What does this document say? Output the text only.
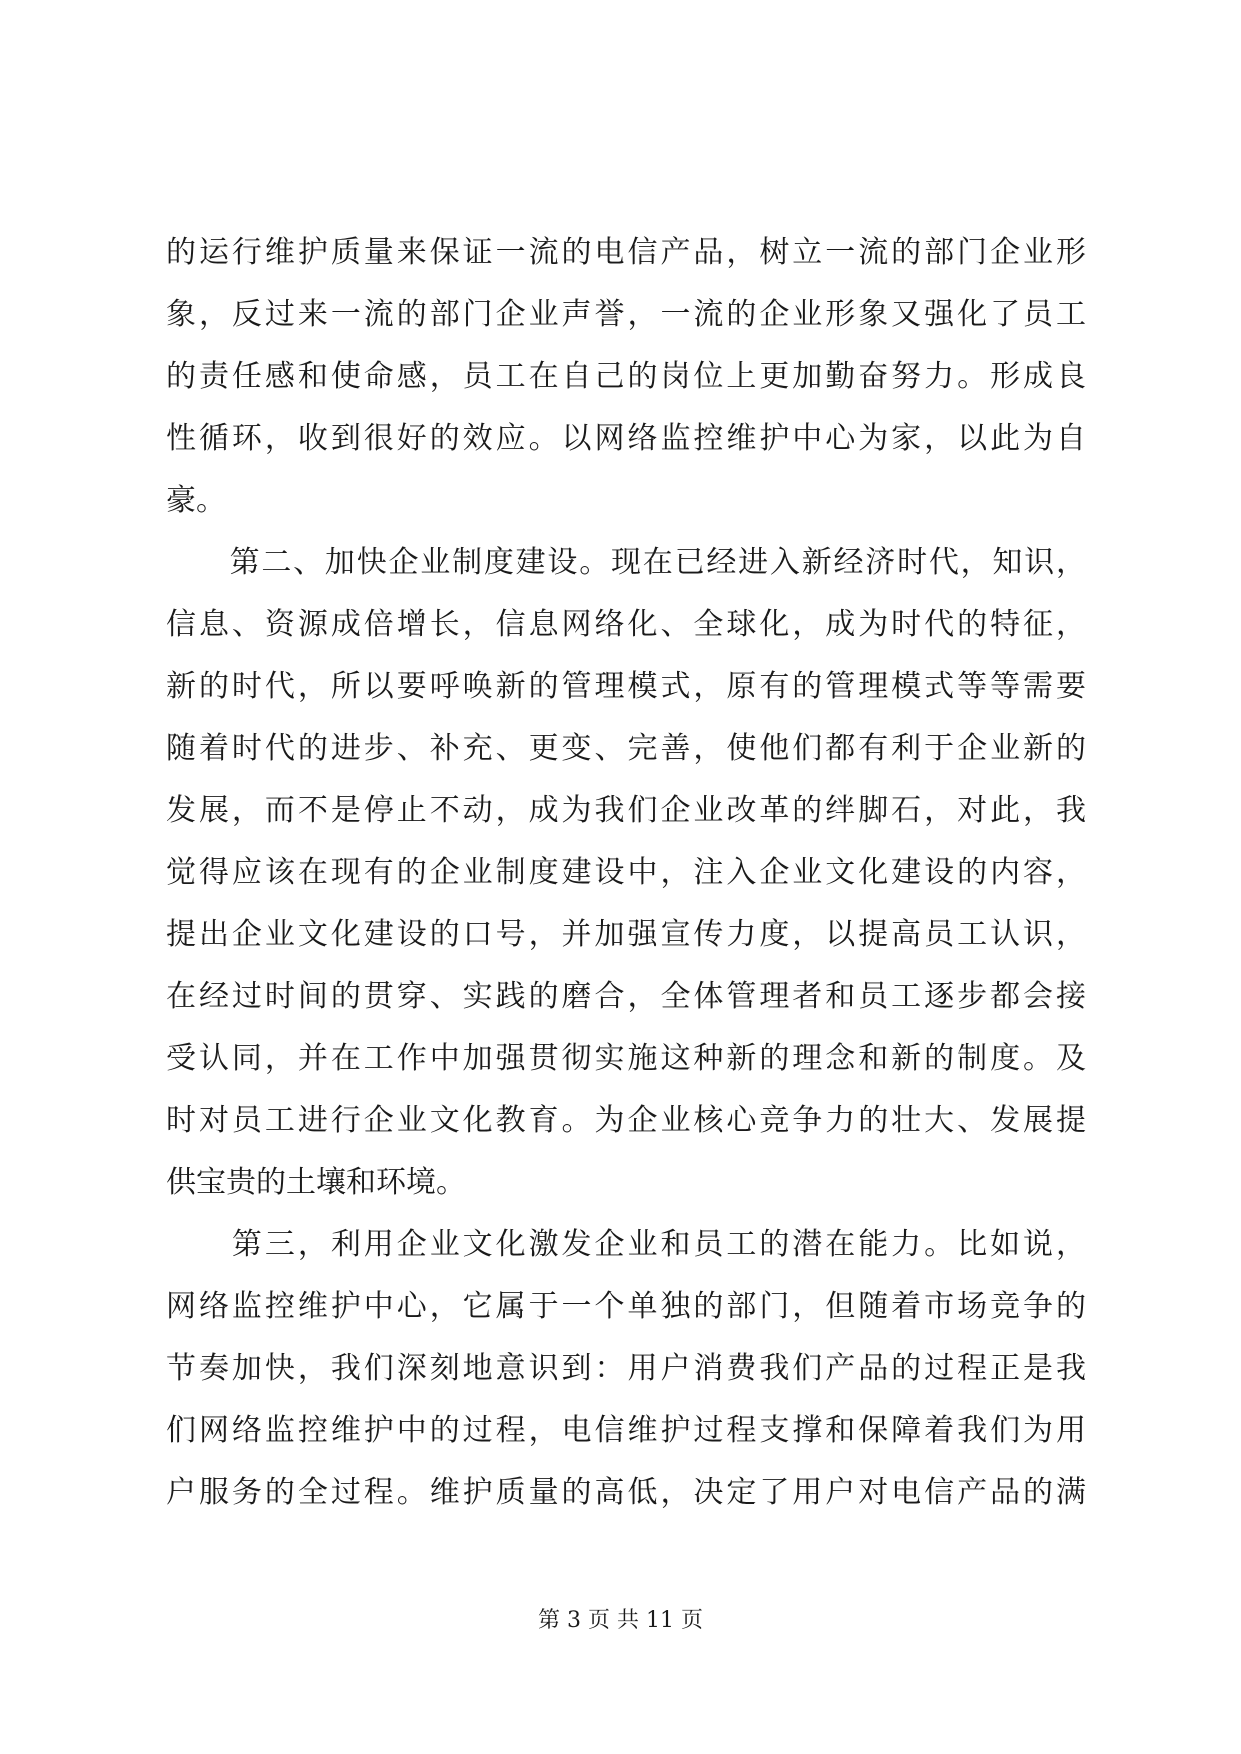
的运行维护质量来保证一流的电信产品，树立一流的部门企业形
象，反过来一流的部门企业声誉，一流的企业形象又强化了员工
的责任感和使命感，员工在自己的岗位上更加勤奋努力。形成良
性循环，收到很好的效应。以网络监控维护中心为家，以此为自
豪。
　　第二、加快企业制度建设。现在已经进入新经济时代，知识，
信息、资源成倍增长，信息网络化、全球化，成为时代的特征，
新的时代，所以要呼唤新的管理模式，原有的管理模式等等需要
随着时代的进步、补充、更变、完善，使他们都有利于企业新的
发展，而不是停止不动，成为我们企业改革的绊脚石，对此，我
觉得应该在现有的企业制度建设中，注入企业文化建设的内容，
提出企业文化建设的口号，并加强宣传力度，以提高员工认识，
在经过时间的贯穿、实践的磨合，全体管理者和员工逐步都会接
受认同，并在工作中加强贯彻实施这种新的理念和新的制度。及
时对员工进行企业文化教育。为企业核心竞争力的壮大、发展提
供宝贵的土壤和环境。
　　第三，利用企业文化激发企业和员工的潜在能力。比如说，
网络监控维护中心，它属于一个单独的部门，但随着市场竞争的
节奏加快，我们深刻地意识到：用户消费我们产品的过程正是我
们网络监控维护中的过程，电信维护过程支撑和保障着我们为用
户服务的全过程。维护质量的高低，决定了用户对电信产品的满
第 3 页 共 11 页
